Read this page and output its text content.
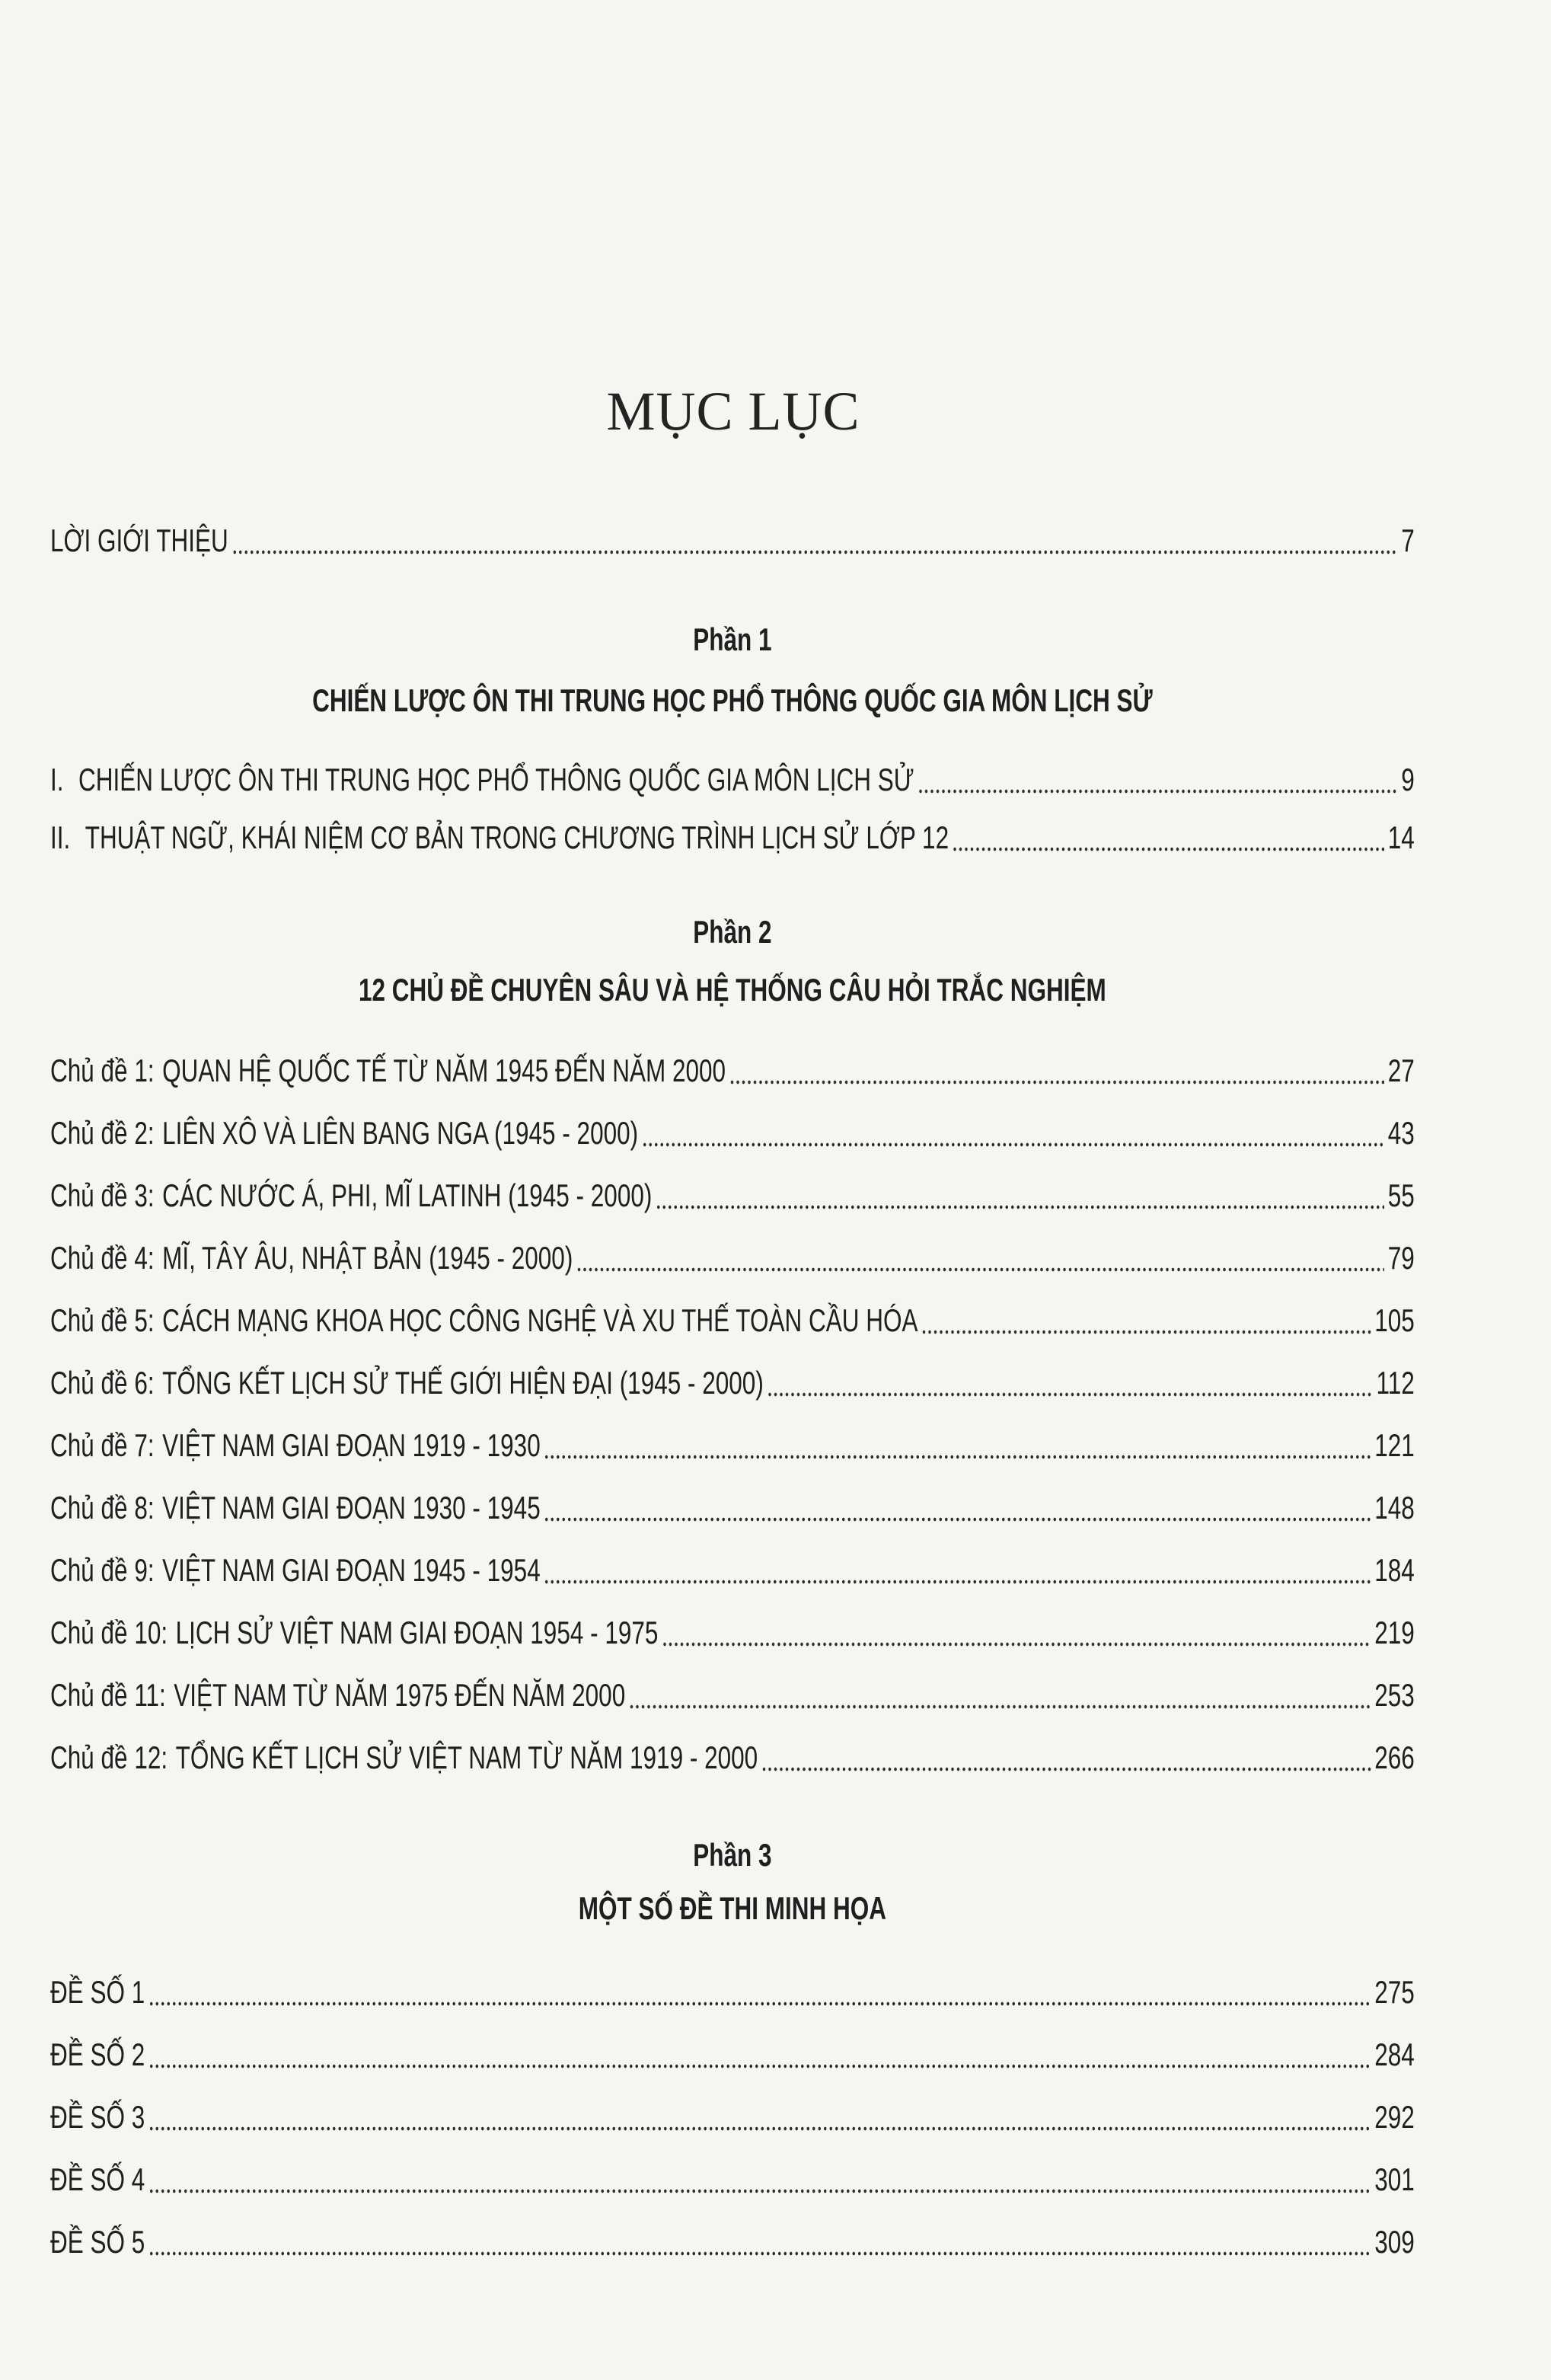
MỤC LỤC
LỜI GIỚI THIỆU	7
Phần 1
CHIẾN LƯỢC ÔN THI TRUNG HỌC PHỔ THÔNG QUỐC GIA MÔN LỊCH SỬ
I. CHIẾN LƯỢC ÔN THI TRUNG HỌC PHỔ THÔNG QUỐC GIA MÔN LỊCH SỬ	9
II. THUẬT NGỮ, KHÁI NIỆM CƠ BẢN TRONG CHƯƠNG TRÌNH LỊCH SỬ LỚP 12	14
Phần 2
12 CHỦ ĐỀ CHUYÊN SÂU VÀ HỆ THỐNG CÂU HỎI TRẮC NGHIỆM
Chủ đề 1: QUAN HỆ QUỐC TẾ TỪ NĂM 1945 ĐẾN NĂM 2000	27
Chủ đề 2: LIÊN XÔ VÀ LIÊN BANG NGA (1945 - 2000)	43
Chủ đề 3: CÁC NƯỚC Á, PHI, MĨ LATINH (1945 - 2000)	55
Chủ đề 4: MĨ, TÂY ÂU, NHẬT BẢN (1945 - 2000)	79
Chủ đề 5: CÁCH MẠNG KHOA HỌC CÔNG NGHỆ VÀ XU THẾ TOÀN CẦU HÓA	105
Chủ đề 6: TỔNG KẾT LỊCH SỬ THẾ GIỚI HIỆN ĐẠI (1945 - 2000)	112
Chủ đề 7: VIỆT NAM GIAI ĐOẠN 1919 - 1930	121
Chủ đề 8: VIỆT NAM GIAI ĐOẠN 1930 - 1945	148
Chủ đề 9: VIỆT NAM GIAI ĐOẠN 1945 - 1954	184
Chủ đề 10: LỊCH SỬ VIỆT NAM GIAI ĐOẠN 1954 - 1975	219
Chủ đề 11: VIỆT NAM TỪ NĂM 1975 ĐẾN NĂM 2000	253
Chủ đề 12: TỔNG KẾT LỊCH SỬ VIỆT NAM TỪ NĂM 1919 - 2000	266
Phần 3
MỘT SỐ ĐỀ THI MINH HỌA
ĐỀ SỐ 1	275
ĐỀ SỐ 2	284
ĐỀ SỐ 3	292
ĐỀ SỐ 4	301
ĐỀ SỐ 5	309
